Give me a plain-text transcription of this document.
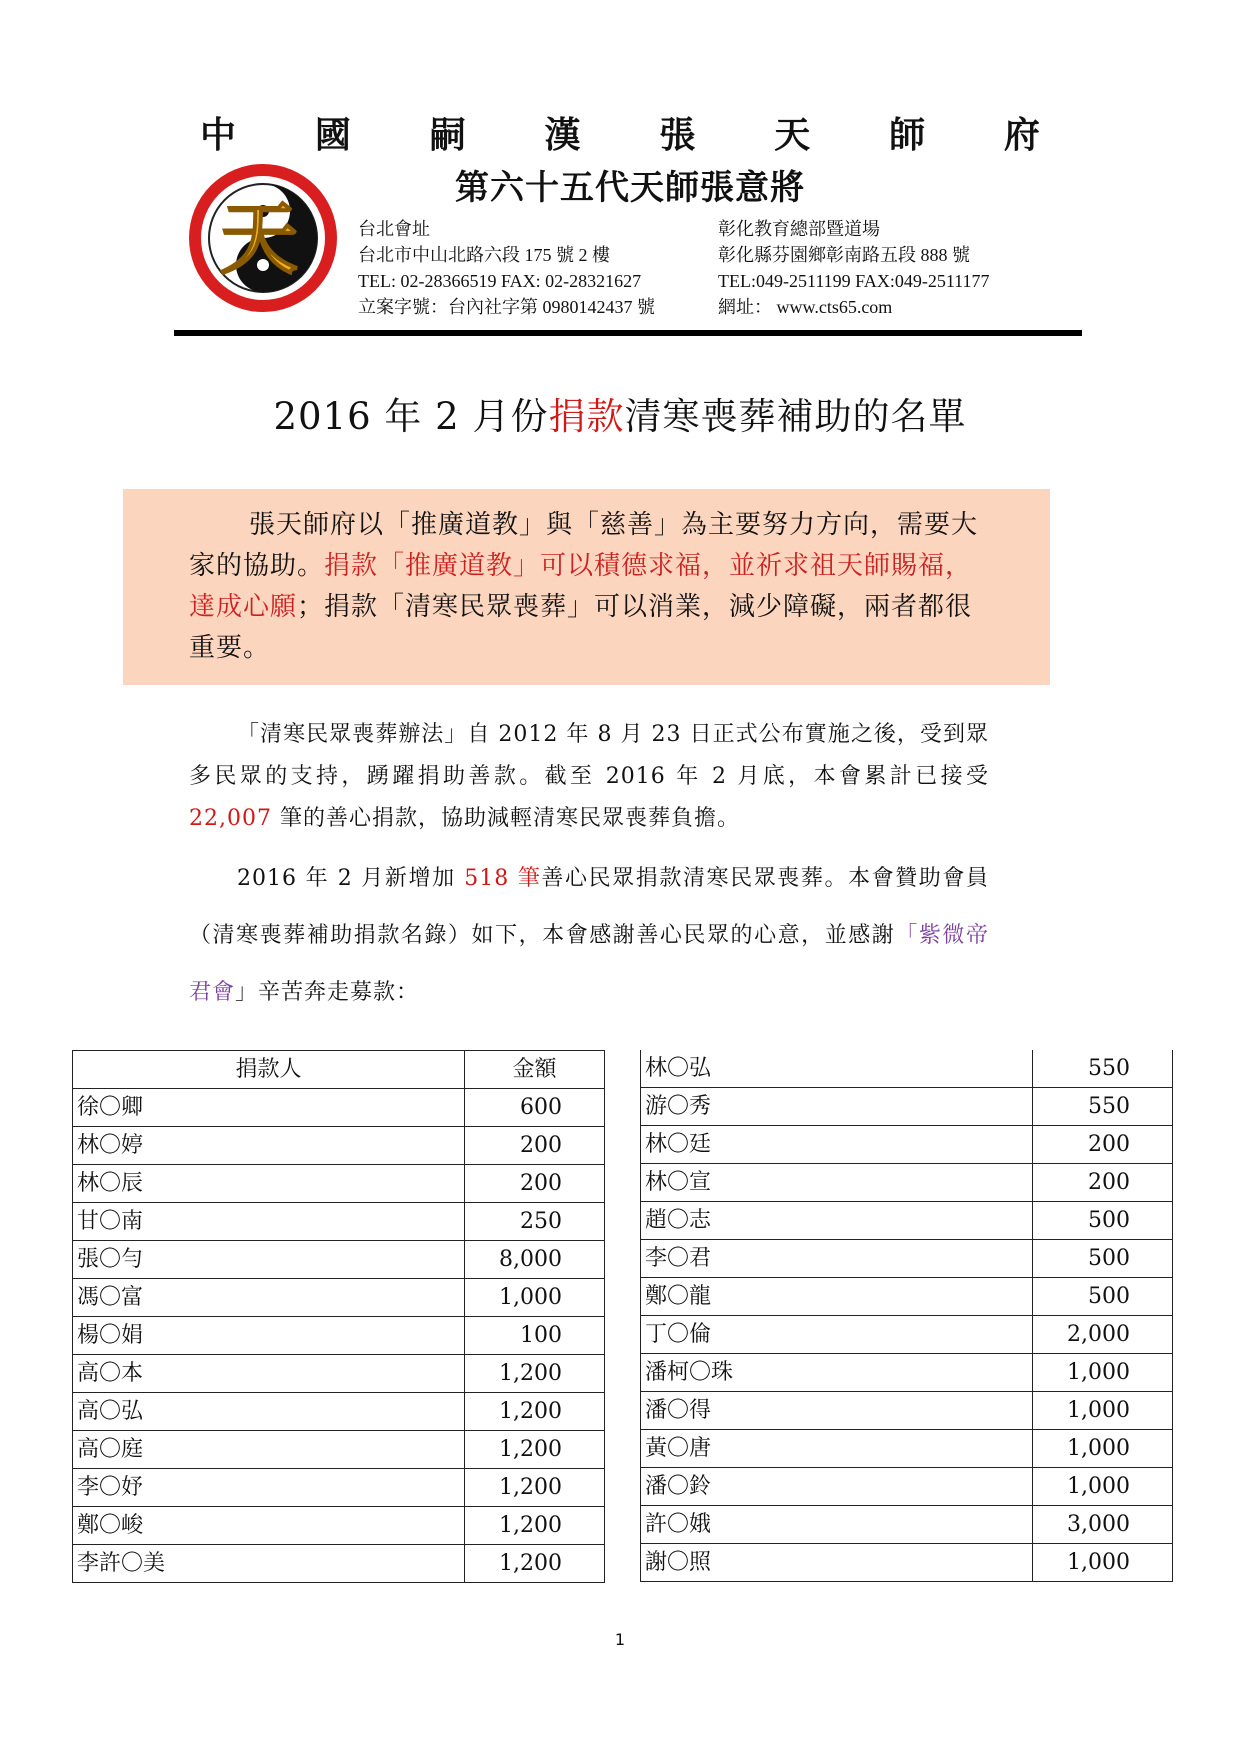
中 國 嗣 漢 張 天 師 府
第六十五代天師張意將
天	台北會址
台北市中山北路六段 175 號 2 樓
TEL: 02-28366519 FAX: 02-28321627
立案字號：台內社字第 0980142437 號
彰化教育總部暨道場
彰化縣芬園鄉彰南路五段 888 號
TEL:049-2511199 FAX:049-2511177
網址： www.cts65.com
2016 年 2 月份捐款清寒喪葬補助的名單
張天師府以「推廣道教」與「慈善」為主要努力方向，需要大家的協助。捐款「推廣道教」可以積德求福，並祈求祖天師賜福，達成心願；捐款「清寒民眾喪葬」可以消業，減少障礙，兩者都很重要。
「清寒民眾喪葬辦法」自 2012 年 8 月 23 日正式公布實施之後，受到眾多民眾的支持，踴躍捐助善款。截至 2016 年 2 月底，本會累計已接受 22,007 筆的善心捐款，協助減輕清寒民眾喪葬負擔。
2016 年 2 月新增加 518 筆善心民眾捐款清寒民眾喪葬。本會贊助會員（清寒喪葬補助捐款名錄）如下，本會感謝善心民眾的心意，並感謝「紫微帝君會」辛苦奔走募款：
捐款人	金額
徐〇卿	600
林〇婷	200
林〇辰	200
甘〇南	250
張〇勻	8,000
馮〇富	1,000
楊〇娟	100
高〇本	1,200
高〇弘	1,200
高〇庭	1,200
李〇妤	1,200
鄭〇峻	1,200
李許〇美	1,200
林〇弘	550
游〇秀	550
林〇廷	200
林〇宣	200
趙〇志	500
李〇君	500
鄭〇龍	500
丁〇倫	2,000
潘柯〇珠	1,000
潘〇得	1,000
黃〇唐	1,000
潘〇鈴	1,000
許〇娥	3,000
謝〇照	1,000
1
